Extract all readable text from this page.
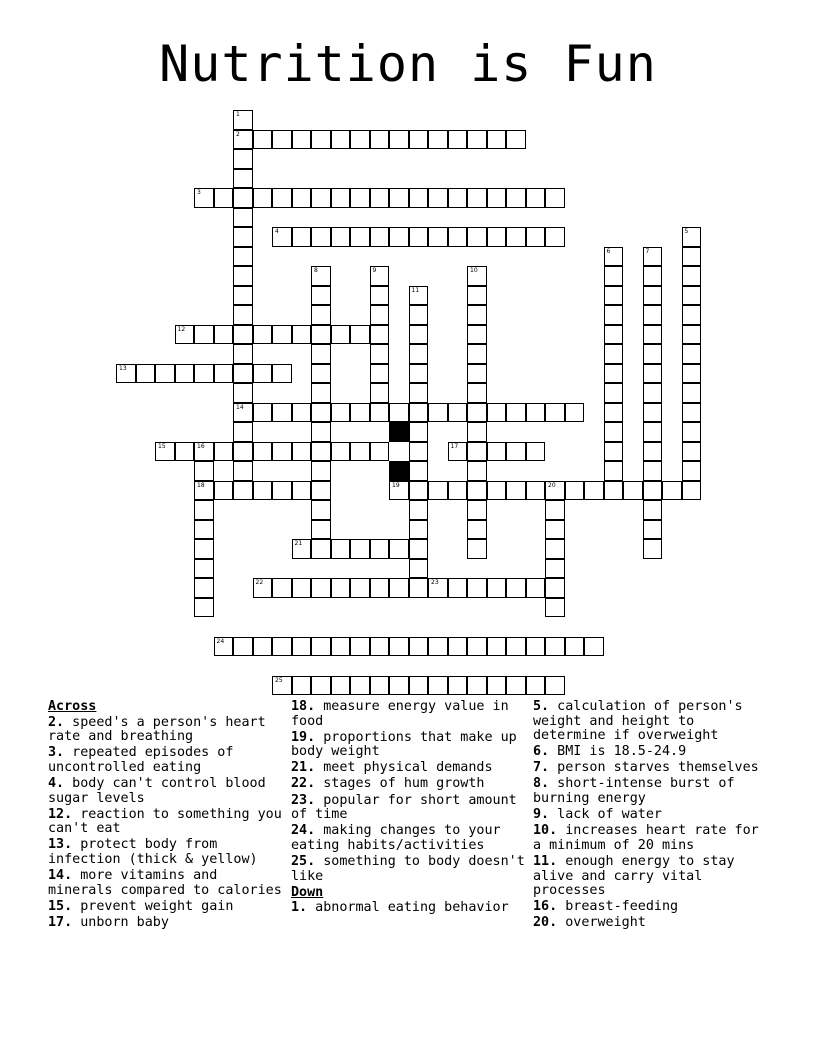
Nutrition is Fun
1
2
14
3
4	5
6	7
8	9	10
11
12
13
15	16
18
17
19	20
21
22	23
24
25
Across
2. speed's a person's heart rate and breathing
3. repeated episodes of uncontrolled eating
4. body can't control blood sugar levels
12. reaction to something you can't eat
13. protect body from infection (thick & yellow)
14. more vitamins and minerals compared to calories
15. prevent weight gain
17. unborn baby
18. measure energy value in food
19. proportions that make up body weight
21. meet physical demands
22. stages of hum growth
23. popular for short amount of time
24. making changes to your eating habits/activities
25. something to body doesn't like
Down
1. abnormal eating behavior
5. calculation of person's weight and height to determine if overweight
6. BMI is 18.5-24.9
7. person starves themselves
8. short-intense burst of burning energy
9. lack of water
10. increases heart rate for a minimum of 20 mins
11. enough energy to stay alive and carry vital processes
16. breast-feeding
20. overweight
